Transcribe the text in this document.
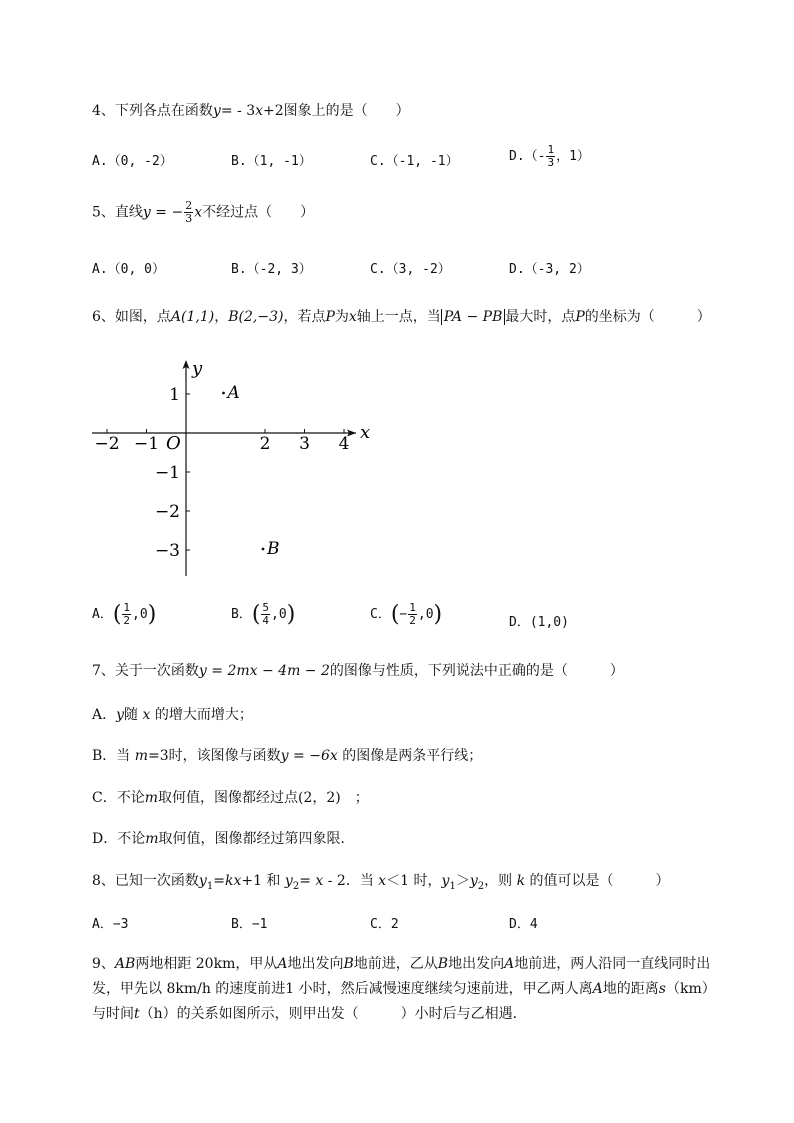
4、下列各点在函数y= ‐ 3x+2图象上的是（　　）
A.（0, ‐2）	B.（1, ‐1）	C.（‐1, ‐1）	D.（‐ $\frac{1}{3}$ ，1）
5、直线y = − $\frac{2}{3}$ x不经过点（　　）
A.（0, 0）	B.（‐2, 3）	C.（3, ‐2）	D.（‐3, 2）
6、如图，点A(1,1)，B(2,−3)，若点P为x轴上一点，当 PA − PB 最大时，点P的坐标为（　　　）
x
y
O
−2 −1	2 3 4
1
−1
−2
−3
A
B
A．( $\frac{1}{2} ,0$)	B．( $\frac{5}{4} ,0$)	C．(− $\frac{1}{2} ,0$)	D．(1,0)
7、关于一次函数y = 2mx − 4m − 2的图像与性质，下列说法中正确的是（　　　）
A．y随 x 的增大而增大；
B．当 m=3时，该图像与函数y = −6x 的图像是两条平行线；
C．不论m取何值，图像都经过点(2，2)　；
D．不论m取何值，图像都经过第四象限．
8、已知一次函数$y_1=kx+1$ 和 $y_2= x$ ‐ 2．当 x＜1 时，$y_1>y_2$，则 k 的值可以是（　　　）
A．−3	B．−1	C．2	D．4
9、AB两地相距 20km，甲从A地出发向B地前进，乙从B地出发向A地前进，两人沿同一直线同时出
发，甲先以 8km/h 的速度前进1 小时，然后减慢速度继续匀速前进，甲乙两人离A地的距离s（km）
与时间t（h）的关系如图所示，则甲出发（　　　）小时后与乙相遇．
